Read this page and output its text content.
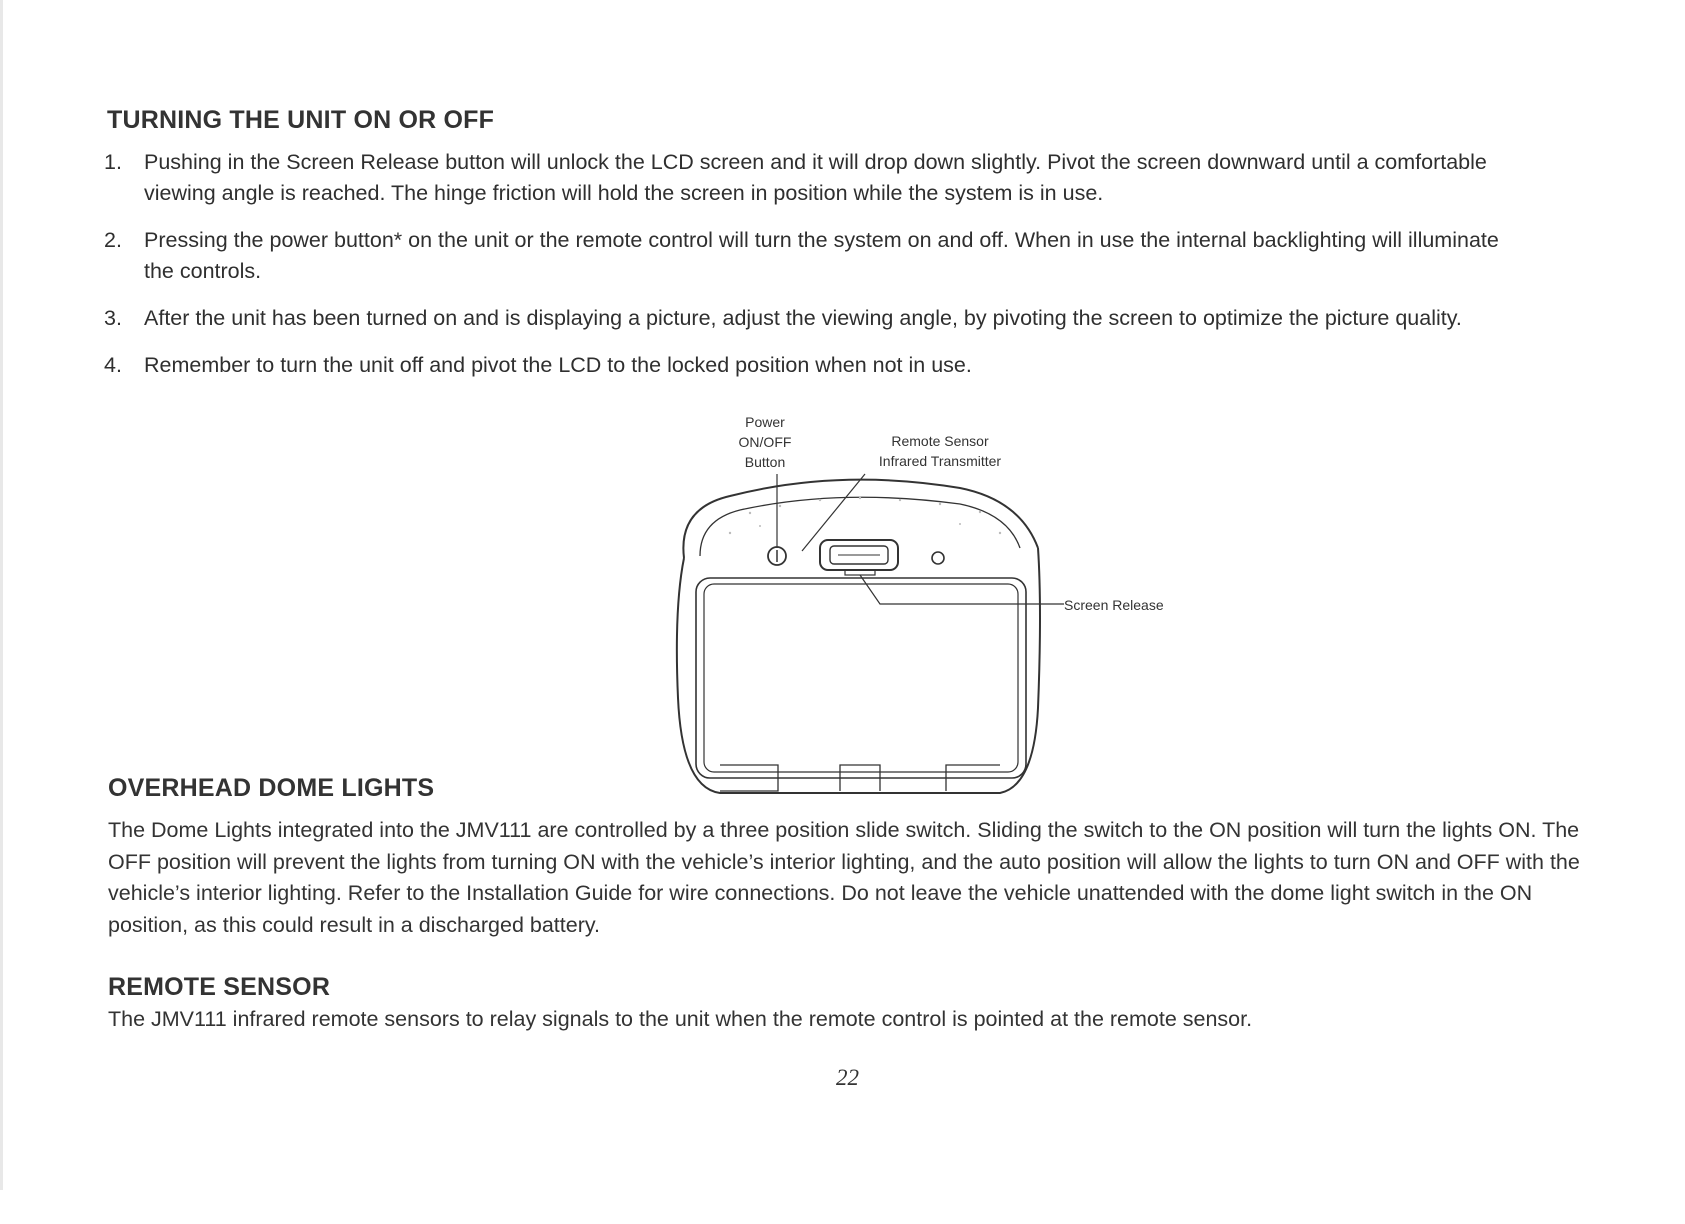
TURNING THE UNIT ON OR OFF
1. Pushing in the Screen Release button will unlock the LCD screen and it will drop down slightly. Pivot the screen downward until a comfortable viewing angle is reached. The hinge friction will hold the screen in position while the system is in use.
2. Pressing the power button* on the unit or the remote control will turn the system on and off. When in use the internal backlighting will illuminate the controls.
3. After the unit has been turned on and is displaying a picture, adjust the viewing angle, by pivoting the screen to optimize the picture quality.
4. Remember to turn the unit off and pivot the LCD to the locked position when not in use.
Power
ON/OFF
Button
Remote Sensor
Infrared Transmitter
Screen Release
OVERHEAD DOME LIGHTS

The Dome Lights integrated into the JMV111 are controlled by a three position slide switch. Sliding the switch to the ON position will turn the lights ON. The OFF position will prevent the lights from turning ON with the vehicle’s interior lighting, and the auto position will allow the lights to turn ON and OFF with the vehicle’s interior lighting. Refer to the Installation Guide for wire connections. Do not leave the vehicle unattended with the dome light switch in the ON position, as this could result in a discharged battery.

REMOTE SENSOR

The JMV111 infrared remote sensors to relay signals to the unit when the remote control is pointed at the remote sensor.

22
